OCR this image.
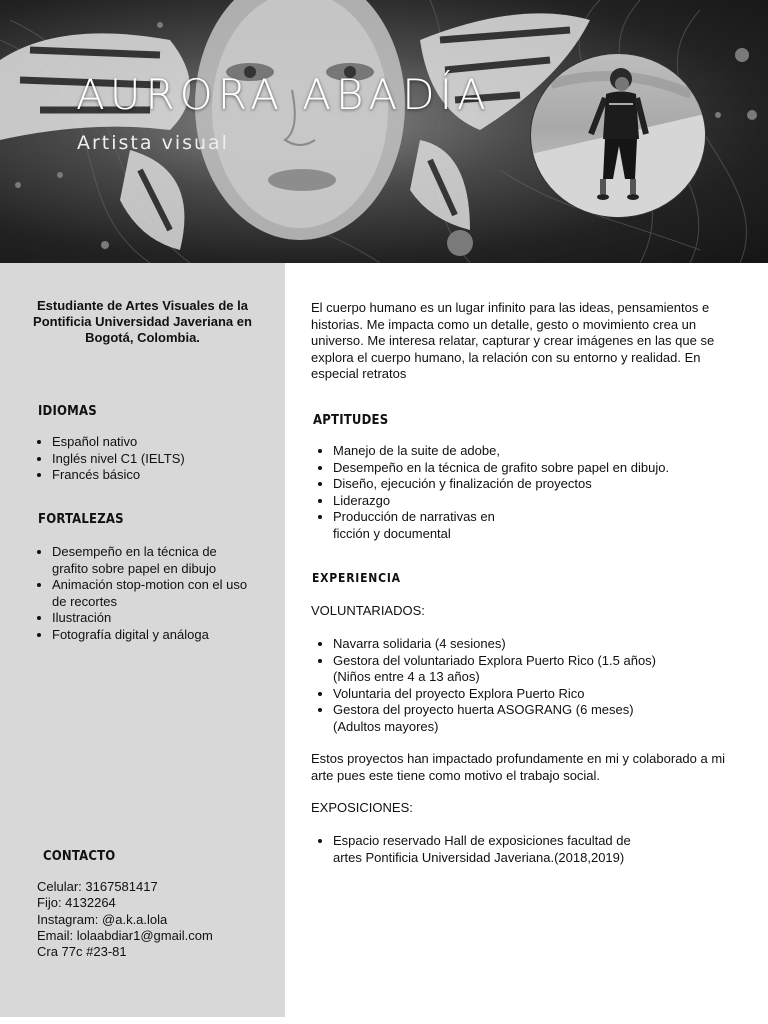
AURORA ABADÍA

Artista visual

Estudiante de Artes Visuales de la Pontificia Universidad Javeriana en Bogotá, Colombia.

IDIOMAS
• Español nativo
• Inglés nivel C1 (IELTS)
• Francés básico
FORTALEZAS
• Desempeño en la técnica de grafito sobre papel en dibujo
• Animación stop-motion con el uso de recortes
• Ilustración
• Fotografía digital y análoga
CONTACTO
Celular: 3167581417
Fijo: 4132264
Instagram: @a.k.a.lola
Email: lolaabdiar1@gmail.com
Cra 77c #23-81

El cuerpo humano es un lugar infinito para las ideas, pensamientos e historias. Me impacta como un detalle, gesto o movimiento crea un universo. Me interesa relatar, capturar y crear imágenes en las que se explora el cuerpo humano, la relación con su entorno y realidad. En especial retratos

APTITUDES
• Manejo de la suite de adobe,
• Desempeño en la técnica de grafito sobre papel en dibujo.
• Diseño, ejecución y finalización de proyectos
• Liderazgo
• Producción de narrativas en ficción y documental
EXPERIENCIA

VOLUNTARIADOS:

• Navarra solidaria (4 sesiones)
• Gestora del voluntariado Explora Puerto Rico (1.5 años) (Niños entre 4 a 13 años)
• Voluntaria del proyecto Explora Puerto Rico
• Gestora del proyecto huerta ASOGRANG (6 meses) (Adultos mayores)

Estos proyectos han impactado profundamente en mi y colaborado a mi arte pues este tiene como motivo el trabajo social.

EXPOSICIONES:

• Espacio reservado Hall de exposiciones facultad de artes Pontificia Universidad Javeriana.(2018,2019)
